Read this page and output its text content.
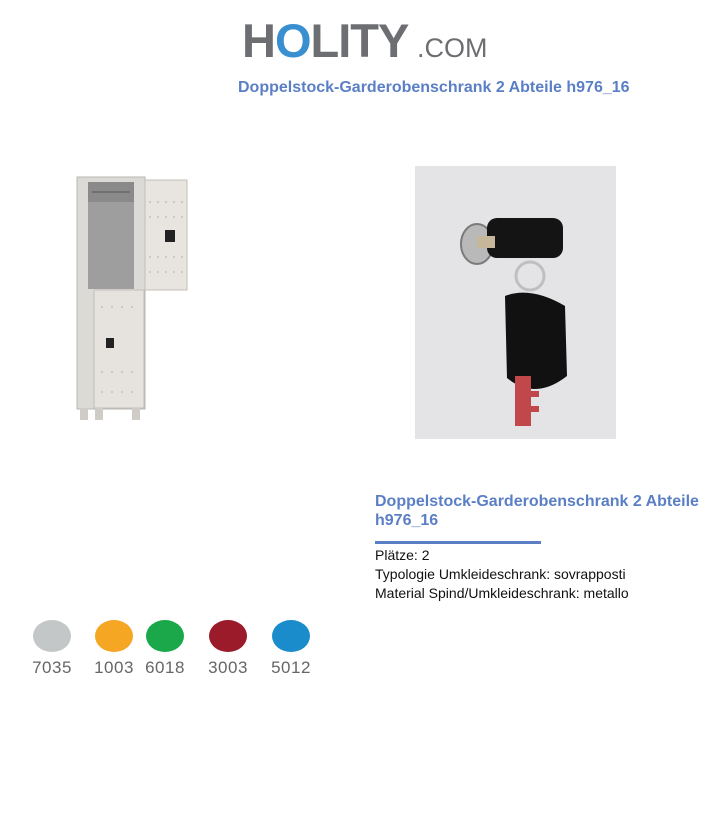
HOLITY .COM
Doppelstock-Garderobenschrank 2 Abteile h976_16
Doppelstock-Garderobenschrank 2 Abteile
h976_16
Plätze: 2
Typologie Umkleideschrank: sovrapposti
Material Spind/Umkleideschrank: metallo
7035 1003 6018 3003 5012
